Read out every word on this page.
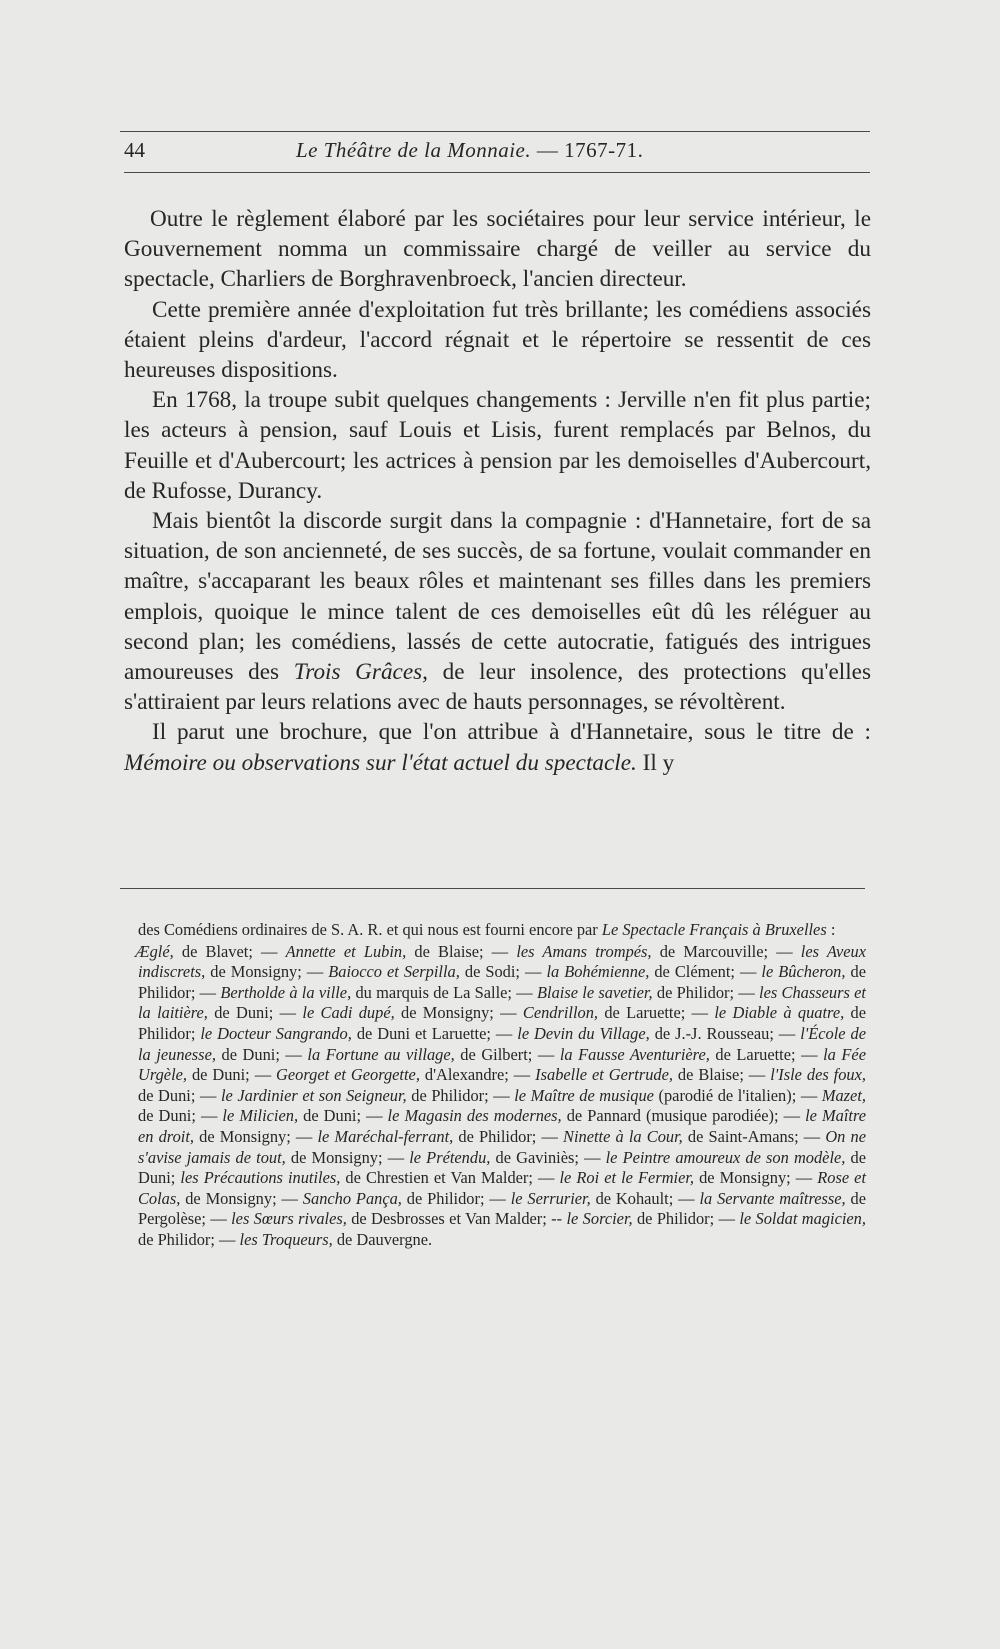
44	Le Théâtre de la Monnaie. — 1767-71.

Outre le règlement élaboré par les sociétaires pour leur service intérieur, le Gouvernement nomma un commissaire chargé de veiller au service du spectacle, Charliers de Borghravenbroeck, l'ancien directeur.

Cette première année d'exploitation fut très brillante; les comédiens associés étaient pleins d'ardeur, l'accord régnait et le répertoire se ressentit de ces heureuses dispositions.

En 1768, la troupe subit quelques changements : Jerville n'en fit plus partie; les acteurs à pension, sauf Louis et Lisis, furent remplacés par Belnos, du Feuille et d'Aubercourt; les actrices à pension par les demoiselles d'Aubercourt, de Rufosse, Durancy.

Mais bientôt la discorde surgit dans la compagnie : d'Hannetaire, fort de sa situation, de son ancienneté, de ses succès, de sa fortune, voulait commander en maître, s'accaparant les beaux rôles et maintenant ses filles dans les premiers emplois, quoique le mince talent de ces demoiselles eût dû les réléguer au second plan; les comédiens, lassés de cette autocratie, fatigués des intrigues amoureuses des Trois Grâces, de leur insolence, des protections qu'elles s'attiraient par leurs relations avec de hauts personnages, se révoltèrent.

Il parut une brochure, que l'on attribue à d'Hannetaire, sous le titre de : Mémoire ou observations sur l'état actuel du spectacle. Il y

des Comédiens ordinaires de S. A. R. et qui nous est fourni encore par Le Spectacle Français à Bruxelles :

Æglé, de Blavet; — Annette et Lubin, de Blaise; — les Amans trompés, de Marcouville; — les Aveux indiscrets, de Monsigny; — Baiocco et Serpilla, de Sodi; — la Bohémienne, de Clément; — le Bûcheron, de Philidor; — Bertholde à la ville, du marquis de La Salle; — Blaise le savetier, de Philidor; — les Chasseurs et la laitière, de Duni; — le Cadi dupé, de Monsigny; — Cendrillon, de Laruette; — le Diable à quatre, de Philidor; le Docteur Sangrando, de Duni et Laruette; — le Devin du Village, de J.-J. Rousseau; — l'École de la jeunesse, de Duni; — la Fortune au village, de Gilbert; — la Fausse Aventurière, de Laruette; — la Fée Urgèle, de Duni; — Georget et Georgette, d'Alexandre; — Isabelle et Gertrude, de Blaise; — l'Isle des foux, de Duni; — le Jardinier et son Seigneur, de Philidor; — le Maître de musique (parodié de l'italien); — Mazet, de Duni; — le Milicien, de Duni; — le Magasin des modernes, de Pannard (musique parodiée); — le Maître en droit, de Monsigny; — le Maréchal-ferrant, de Philidor; — Ninette à la Cour, de Saint-Amans; — On ne s'avise jamais de tout, de Monsigny; — le Prétendu, de Gaviniès; — le Peintre amoureux de son modèle, de Duni; les Précautions inutiles, de Chrestien et Van Malder; — le Roi et le Fermier, de Monsigny; — Rose et Colas, de Monsigny; — Sancho Pança, de Philidor; — le Serrurier, de Kohault; — la Servante maîtresse, de Pergolèse; — les Sœurs rivales, de Desbrosses et Van Malder; -- le Sorcier, de Philidor; — le Soldat magicien, de Philidor; — les Troqueurs, de Dauvergne.
